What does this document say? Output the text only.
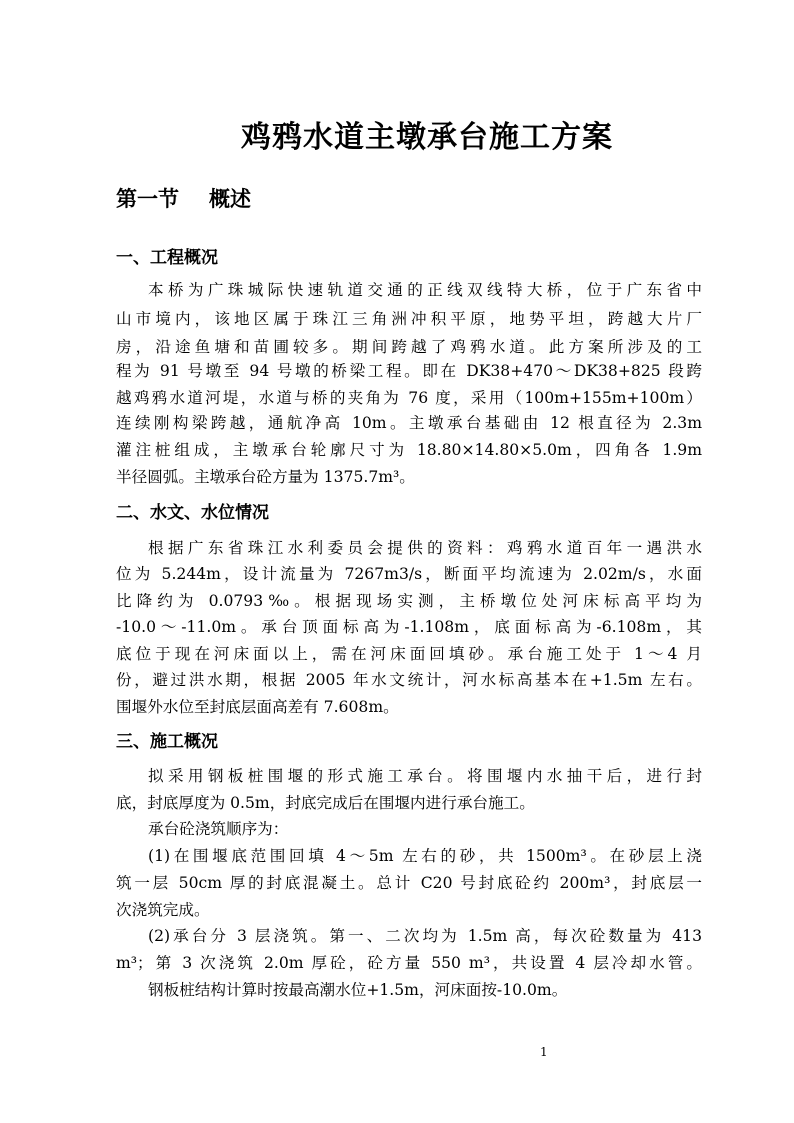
鸡鸦水道主墩承台施工方案
第一节 概述
一、工程概况
本桥为广珠城际快速轨道交通的正线双线特大桥，位于广东省中
山市境内，该地区属于珠江三角洲冲积平原，地势平坦，跨越大片厂
房，沿途鱼塘和苗圃较多。期间跨越了鸡鸦水道。此方案所涉及的工
程为 91 号墩至 94 号墩的桥梁工程。即在 DK38+470～DK38+825 段跨
越鸡鸦水道河堤，水道与桥的夹角为 76 度，采用（100m+155m+100m）
连续刚构梁跨越，通航净高 10m。主墩承台基础由 12 根直径为 2.3m
灌注桩组成，主墩承台轮廓尺寸为 18.80×14.80×5.0m，四角各 1.9m
半径圆弧。主墩承台砼方量为 1375.7m³。
二、水文、水位情况
根据广东省珠江水利委员会提供的资料：鸡鸦水道百年一遇洪水
位为 5.244m，设计流量为 7267m3/s，断面平均流速为 2.02m/s，水面
比降约为 0.0793‰。根据现场实测，主桥墩位处河床标高平均为
-10.0～-11.0m。承台顶面标高为-1.108m，底面标高为-6.108m，其
底位于现在河床面以上，需在河床面回填砂。承台施工处于 1～4 月
份，避过洪水期，根据 2005 年水文统计，河水标高基本在+1.5m 左右。
围堰外水位至封底层面高差有 7.608m。
三、施工概况
拟采用钢板桩围堰的形式施工承台。将围堰内水抽干后，进行封
底，封底厚度为 0.5m，封底完成后在围堰内进行承台施工。
承台砼浇筑顺序为：
(1)在围堰底范围回填 4～5m 左右的砂，共 1500m³。在砂层上浇
筑一层 50cm 厚的封底混凝土。总计 C20 号封底砼约 200m³，封底层一
次浇筑完成。
(2)承台分 3 层浇筑。第一、二次均为 1.5m 高，每次砼数量为 413
m³；第 3 次浇筑 2.0m 厚砼，砼方量 550 m³，共设置 4 层冷却水管。
钢板桩结构计算时按最高潮水位+1.5m，河床面按-10.0m。
1
